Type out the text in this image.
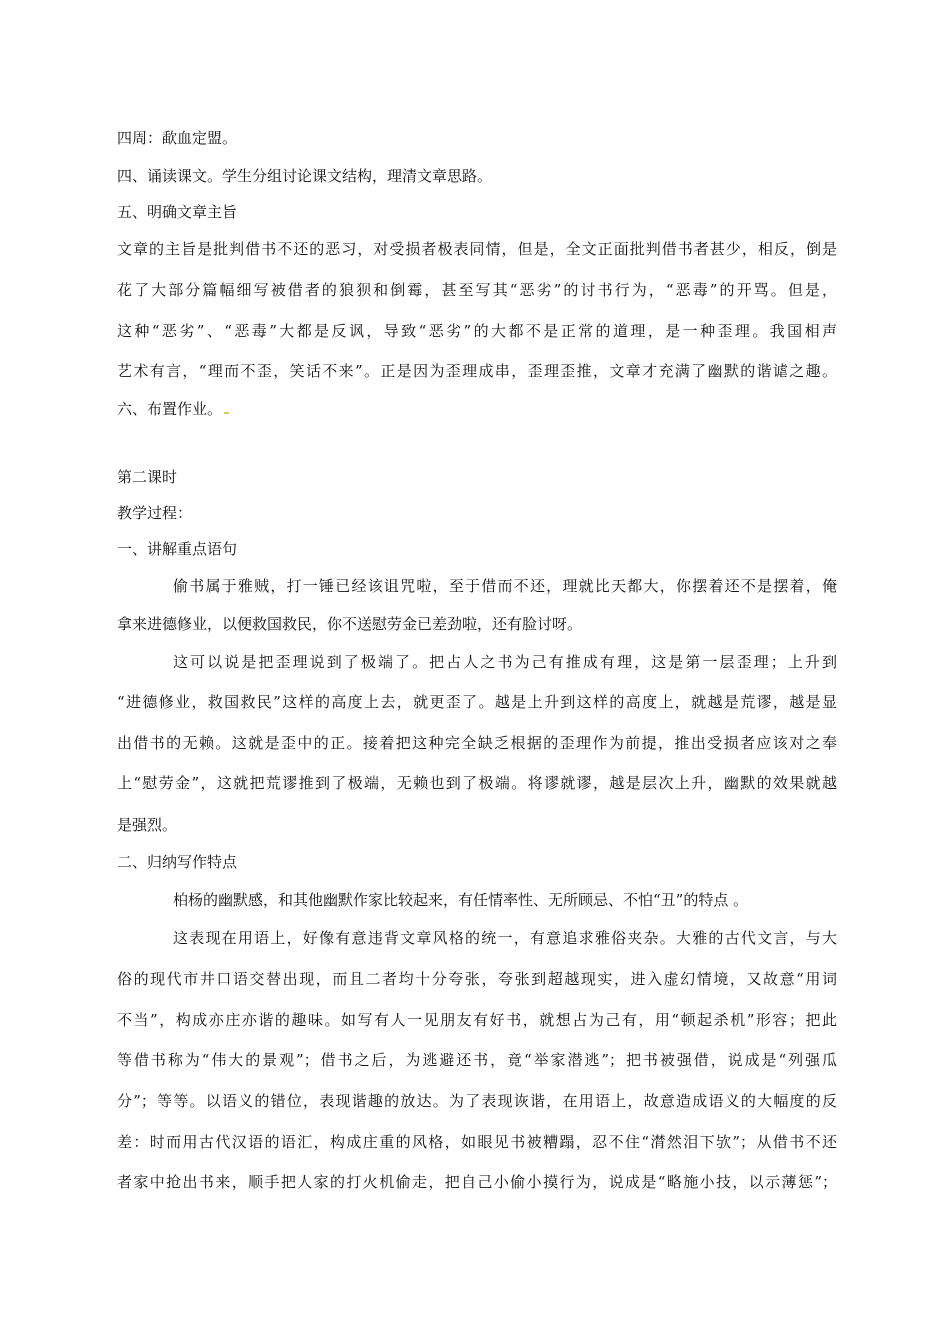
四周：歃血定盟。
四、诵读课文。学生分组讨论课文结构，理清文章思路。
五、明确文章主旨
文章的主旨是批判借书不还的恶习，对受损者极表同情，但是，全文正面批判借书者甚少，相反，倒是
花了大部分篇幅细写被借者的狼狈和倒霉，甚至写其“恶劣”的讨书行为，“恶毒”的开骂。但是，
这种“恶劣”、“恶毒”大都是反讽，导致“恶劣”的大都不是正常的道理，是一种歪理。我国相声
艺术有言，“理而不歪，笑话不来”。正是因为歪理成串，歪理歪推，文章才充满了幽默的谐谑之趣。
六、布置作业。
第二课时
教学过程：
一、讲解重点语句
偷书属于雅贼，打一锤已经该诅咒啦，至于借而不还，理就比天都大，你摆着还不是摆着，俺
拿来进德修业，以便救国救民，你不送慰劳金已差劲啦，还有脸讨呀。
这可以说是把歪理说到了极端了。把占人之书为己有推成有理，这是第一层歪理；上升到
“进德修业，救国救民”这样的高度上去，就更歪了。越是上升到这样的高度上，就越是荒谬，越是显
出借书的无赖。这就是歪中的正。接着把这种完全缺乏根据的歪理作为前提，推出受损者应该对之奉
上“慰劳金”，这就把荒谬推到了极端，无赖也到了极端。将谬就谬，越是层次上升，幽默的效果就越
是强烈。
二、归纳写作特点
柏杨的幽默感，和其他幽默作家比较起来，有任情率性、无所顾忌、不怕“丑”的特点 。
这表现在用语上，好像有意违背文章风格的统一，有意追求雅俗夹杂。大雅的古代文言，与大
俗的现代市井口语交替出现，而且二者均十分夸张，夸张到超越现实，进入虚幻情境，又故意“用词
不当”，构成亦庄亦谐的趣味。如写有人一见朋友有好书，就想占为己有，用“顿起杀机”形容；把此
等借书称为“伟大的景观”；借书之后，为逃避还书，竟“举家潜逃”；把书被强借，说成是“列强瓜
分”；等等。以语义的错位，表现谐趣的放达。为了表现诙谐，在用语上，故意造成语义的大幅度的反
差：时而用古代汉语的语汇，构成庄重的风格，如眼见书被糟蹋，忍不住“潸然泪下欤”；从借书不还
者家中抢出书来，顺手把人家的打火机偷走，把自己小偷小摸行为，说成是“略施小技，以示薄惩”；
